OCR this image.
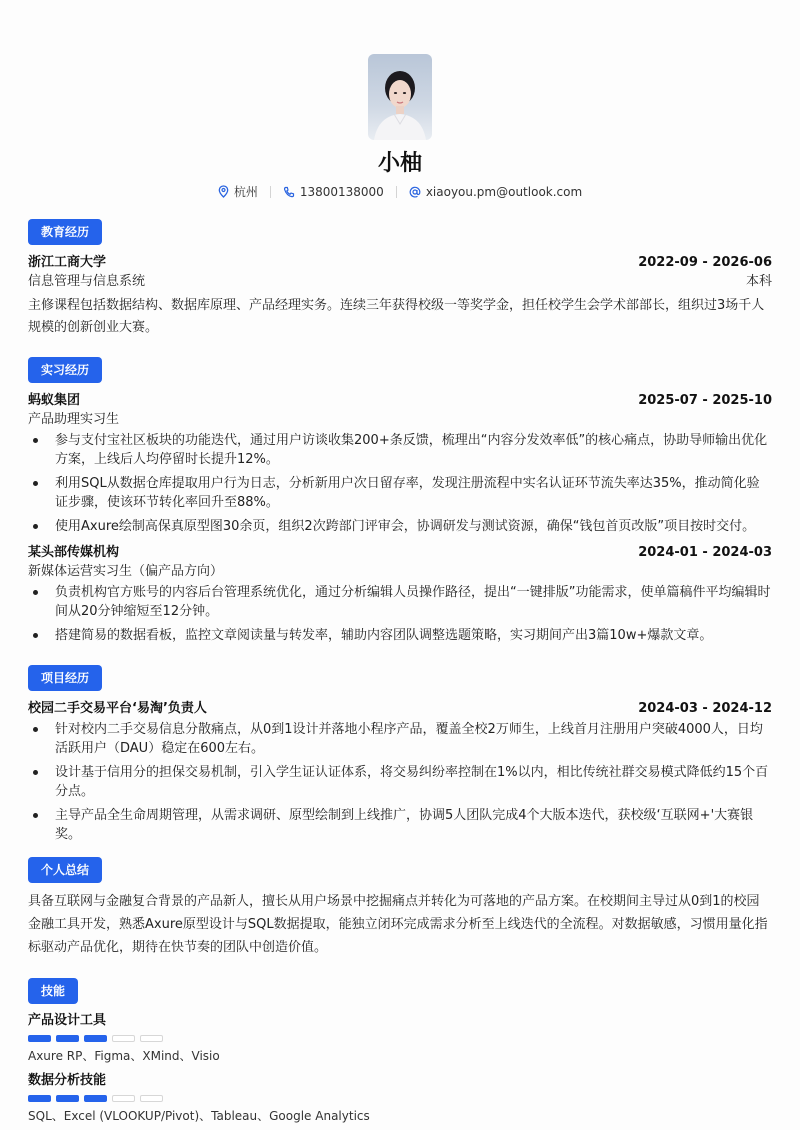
小柚
杭州	13800138000	xiaoyou.pm@outlook.com
教育经历
浙江工商大学	2022-09 - 2026-06
信息管理与信息系统	本科
主修课程包括数据结构、数据库原理、产品经理实务。连续三年获得校级一等奖学金，担任校学生会学术部部长，组织过3场千人规模的创新创业大赛。
实习经历
蚂蚁集团	2025-07 - 2025-10
产品助理实习生
参与支付宝社区板块的功能迭代，通过用户访谈收集200+条反馈，梳理出“内容分发效率低”的核心痛点，协助导师输出优化方案，上线后人均停留时长提升12%。
利用SQL从数据仓库提取用户行为日志，分析新用户次日留存率，发现注册流程中实名认证环节流失率达35%，推动简化验证步骤，使该环节转化率回升至88%。
使用Axure绘制高保真原型图30余页，组织2次跨部门评审会，协调研发与测试资源，确保“钱包首页改版”项目按时交付。
某头部传媒机构	2024-01 - 2024-03
新媒体运营实习生（偏产品方向）
负责机构官方账号的内容后台管理系统优化，通过分析编辑人员操作路径，提出“一键排版”功能需求，使单篇稿件平均编辑时间从20分钟缩短至12分钟。
搭建简易的数据看板，监控文章阅读量与转发率，辅助内容团队调整选题策略，实习期间产出3篇10w+爆款文章。
项目经历
校园二手交易平台‘易淘’负责人	2024-03 - 2024-12
针对校内二手交易信息分散痛点，从0到1设计并落地小程序产品，覆盖全校2万师生，上线首月注册用户突破4000人，日均活跃用户（DAU）稳定在600左右。
设计基于信用分的担保交易机制，引入学生证认证体系，将交易纠纷率控制在1%以内，相比传统社群交易模式降低约15个百分点。
主导产品全生命周期管理，从需求调研、原型绘制到上线推广，协调5人团队完成4个大版本迭代，获校级‘互联网+'大赛银奖。
个人总结
具备互联网与金融复合背景的产品新人，擅长从用户场景中挖掘痛点并转化为可落地的产品方案。在校期间主导过从0到1的校园金融工具开发，熟悉Axure原型设计与SQL数据提取，能独立闭环完成需求分析至上线迭代的全流程。对数据敏感，习惯用量化指标驱动产品优化，期待在快节奏的团队中创造价值。
技能
产品设计工具
Axure RP、Figma、XMind、Visio
数据分析技能
SQL、Excel (VLOOKUP/Pivot)、Tableau、Google Analytics
